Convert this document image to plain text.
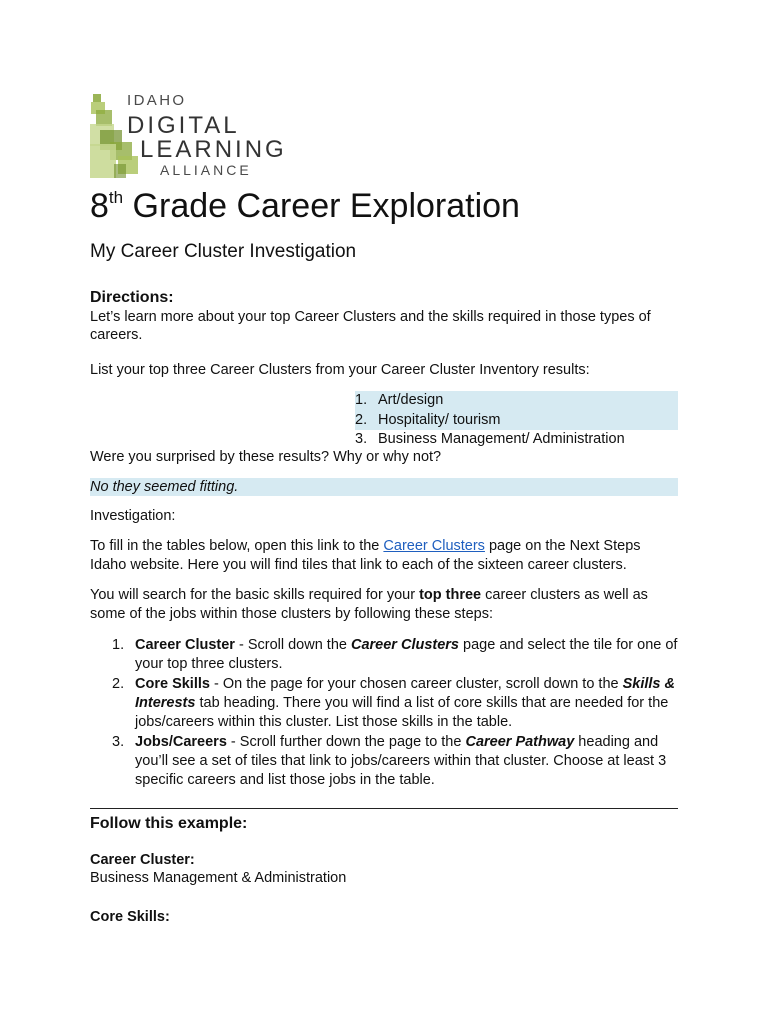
IDAHO
DIGITAL
LEARNING
ALLIANCE
8th Grade Career Exploration
My Career Cluster Investigation
Directions:
Let’s learn more about your top Career Clusters and the skills required in those types of careers.
List your top three Career Clusters from your Career Cluster Inventory results:
1. Art/design
2. Hospitality/ tourism
3. Business Management/ Administration
Were you surprised by these results? Why or why not?
No they seemed fitting.
Investigation:
To fill in the tables below, open this link to the Career Clusters page on the Next Steps Idaho website. Here you will find tiles that link to each of the sixteen career clusters.
You will search for the basic skills required for your top three career clusters as well as some of the jobs within those clusters by following these steps:
1. Career Cluster - Scroll down the Career Clusters page and select the tile for one of your top three clusters.
2. Core Skills - On the page for your chosen career cluster, scroll down to the Skills & Interests tab heading. There you will find a list of core skills that are needed for the jobs/careers within this cluster. List those skills in the table.
3. Jobs/Careers - Scroll further down the page to the Career Pathway heading and you’ll see a set of tiles that link to jobs/careers within that cluster. Choose at least 3 specific careers and list those jobs in the table.
Follow this example:
Career Cluster:
Business Management & Administration
Core Skills:
